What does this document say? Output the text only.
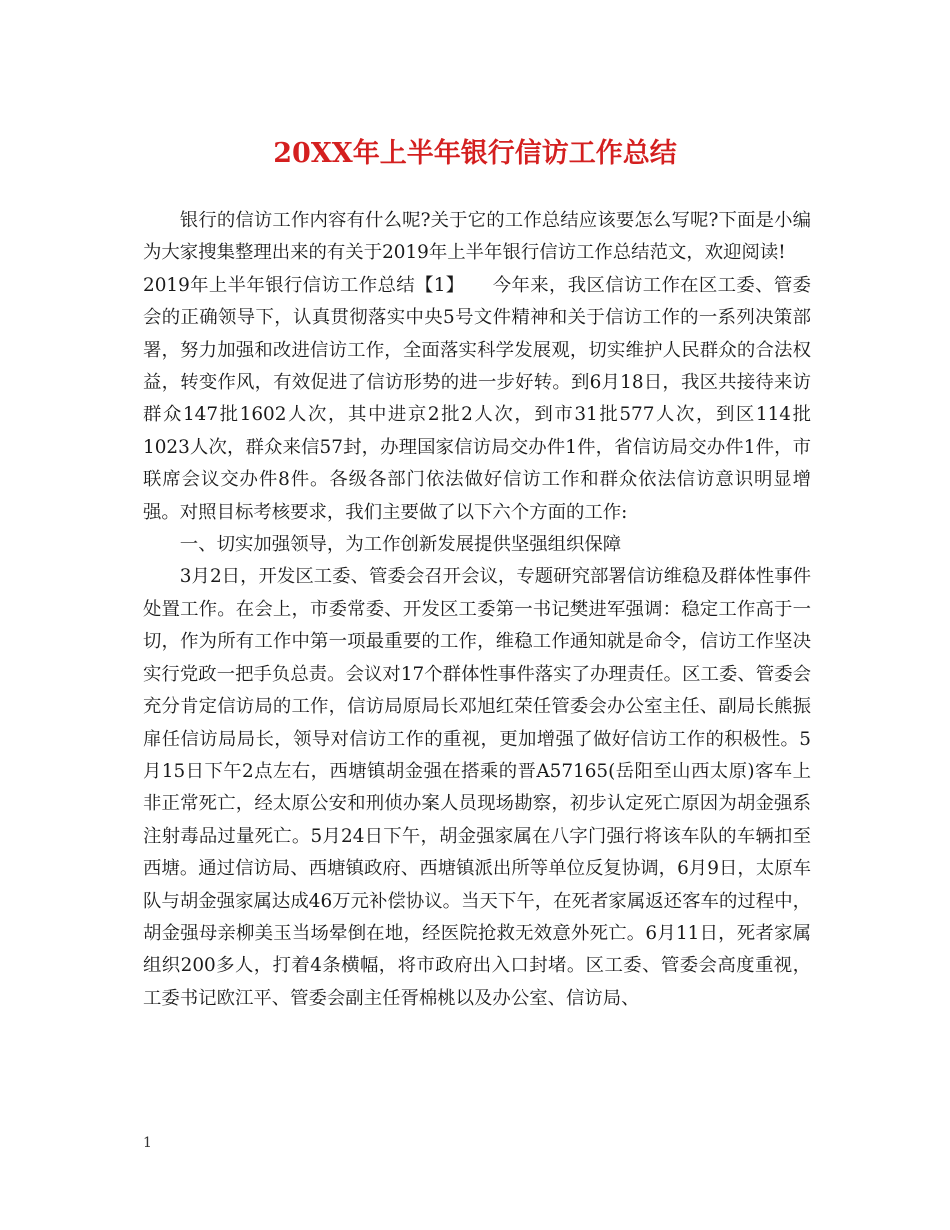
20XX年上半年银行信访工作总结

银行的信访工作内容有什么呢?关于它的工作总结应该要怎么写呢?下面是小编为大家搜集整理出来的有关于2019年上半年银行信访工作总结范文，欢迎阅读!

2019年上半年银行信访工作总结【1】　　今年来，我区信访工作在区工委、管委会的正确领导下，认真贯彻落实中央5号文件精神和关于信访工作的一系列决策部署，努力加强和改进信访工作，全面落实科学发展观，切实维护人民群众的合法权益，转变作风，有效促进了信访形势的进一步好转。到6月18日，我区共接待来访群众147批1602人次，其中进京2批2人次，到市31批577人次，到区114批1023人次，群众来信57封，办理国家信访局交办件1件，省信访局交办件1件，市联席会议交办件8件。各级各部门依法做好信访工作和群众依法信访意识明显增强。对照目标考核要求，我们主要做了以下六个方面的工作:

一、切实加强领导，为工作创新发展提供坚强组织保障

3月2日，开发区工委、管委会召开会议，专题研究部署信访维稳及群体性事件处置工作。在会上，市委常委、开发区工委第一书记樊进军强调：稳定工作高于一切，作为所有工作中第一项最重要的工作，维稳工作通知就是命令，信访工作坚决实行党政一把手负总责。会议对17个群体性事件落实了办理责任。区工委、管委会充分肯定信访局的工作，信访局原局长邓旭红荣任管委会办公室主任、副局长熊振扉任信访局局长，领导对信访工作的重视，更加增强了做好信访工作的积极性。5月15日下午2点左右，西塘镇胡金强在搭乘的晋A57165(岳阳至山西太原)客车上非正常死亡，经太原公安和刑侦办案人员现场勘察，初步认定死亡原因为胡金强系注射毒品过量死亡。5月24日下午，胡金强家属在八字门强行将该车队的车辆扣至西塘。通过信访局、西塘镇政府、西塘镇派出所等单位反复协调，6月9日，太原车队与胡金强家属达成46万元补偿协议。当天下午，在死者家属返还客车的过程中，胡金强母亲柳美玉当场晕倒在地，经医院抢救无效意外死亡。6月11日，死者家属组织200多人，打着4条横幅，将市政府出入口封堵。区工委、管委会高度重视，工委书记欧江平、管委会副主任胥棉桃以及办公室、信访局、

1
